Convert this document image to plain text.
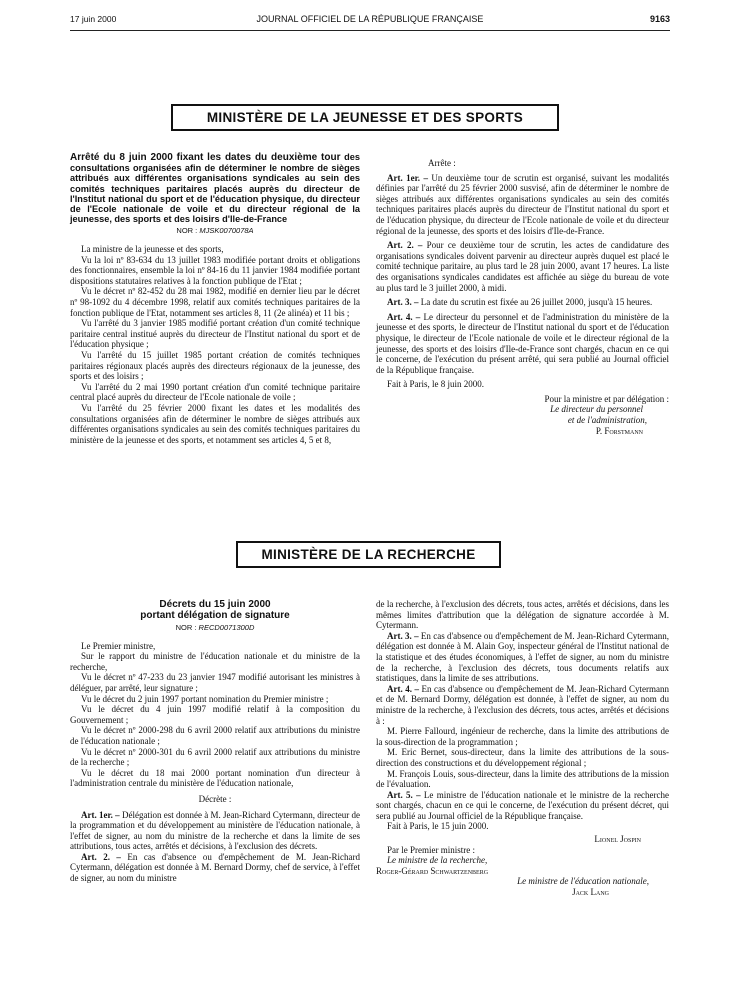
17 juin 2000	JOURNAL OFFICIEL DE LA RÉPUBLIQUE FRANÇAISE	9163
MINISTÈRE DE LA JEUNESSE ET DES SPORTS
Arrêté du 8 juin 2000 fixant les dates du deuxième tour des consultations organisées afin de déterminer le nombre de sièges attribués aux différentes organisations syndicales au sein des comités techniques paritaires placés auprès du directeur de l'Institut national du sport et de l'éducation physique, du directeur de l'Ecole nationale de voile et du directeur régional de la jeunesse, des sports et des loisirs d'Ile-de-France
NOR : MJSK0070078A

La ministre de la jeunesse et des sports,

Vu la loi nº 83-634 du 13 juillet 1983 modifiée portant droits et obligations des fonctionnaires, ensemble la loi nº 84-16 du 11 janvier 1984 modifiée portant dispositions statutaires relatives à la fonction publique de l'Etat ;

Vu le décret nº 82-452 du 28 mai 1982, modifié en dernier lieu par le décret nº 98-1092 du 4 décembre 1998, relatif aux comités techniques paritaires de la fonction publique de l'Etat, notamment ses articles 8, 11 (2e alinéa) et 11 bis ;

Vu l'arrêté du 3 janvier 1985 modifié portant création d'un comité technique paritaire central institué auprès du directeur de l'Institut national du sport et de l'éducation physique ;

Vu l'arrêté du 15 juillet 1985 portant création de comités techniques paritaires régionaux placés auprès des directeurs régionaux de la jeunesse, des sports et des loisirs ;

Vu l'arrêté du 2 mai 1990 portant création d'un comité technique paritaire central placé auprès du directeur de l'Ecole nationale de voile ;

Vu l'arrêté du 25 février 2000 fixant les dates et les modalités des consultations organisées afin de déterminer le nombre de sièges attribués aux différentes organisations syndicales au sein des comités techniques paritaires du ministère de la jeunesse et des sports, et notamment ses articles 4, 5 et 8,

Arrête :

Art. 1er. – Un deuxième tour de scrutin est organisé, suivant les modalités définies par l'arrêté du 25 février 2000 susvisé, afin de déterminer le nombre de sièges attribués aux différentes organisations syndicales au sein des comités techniques paritaires placés auprès du directeur de l'Institut national du sport et de l'éducation physique, du directeur de l'Ecole nationale de voile et du directeur régional de la jeunesse, des sports et des loisirs d'Ile-de-France.

Art. 2. – Pour ce deuxième tour de scrutin, les actes de candidature des organisations syndicales doivent parvenir au directeur auprès duquel est placé le comité technique paritaire, au plus tard le 28 juin 2000, avant 17 heures. La liste des organisations syndicales candidates est affichée au siège du bureau de vote au plus tard le 3 juillet 2000, à midi.

Art. 3. – La date du scrutin est fixée au 26 juillet 2000, jusqu'à 15 heures.

Art. 4. – Le directeur du personnel et de l'administration du ministère de la jeunesse et des sports, le directeur de l'Institut national du sport et de l'éducation physique, le directeur de l'Ecole nationale de voile et le directeur régional de la jeunesse, des sports et des loisirs d'Ile-de-France sont chargés, chacun en ce qui le concerne, de l'exécution du présent arrêté, qui sera publié au Journal officiel de la République française.

Fait à Paris, le 8 juin 2000.

Pour la ministre et par délégation :

Le directeur du personnel

et de l'administration,

P. Forstmann

MINISTÈRE DE LA RECHERCHE
Décrets du 15 juin 2000
portant délégation de signature
NOR : RECD0071300D

Le Premier ministre,

Sur le rapport du ministre de l'éducation nationale et du ministre de la recherche,

Vu le décret nº 47-233 du 23 janvier 1947 modifié autorisant les ministres à déléguer, par arrêté, leur signature ;

Vu le décret du 2 juin 1997 portant nomination du Premier ministre ;

Vu le décret du 4 juin 1997 modifié relatif à la composition du Gouvernement ;

Vu le décret nº 2000-298 du 6 avril 2000 relatif aux attributions du ministre de l'éducation nationale ;

Vu le décret nº 2000-301 du 6 avril 2000 relatif aux attributions du ministre de la recherche ;

Vu le décret du 18 mai 2000 portant nomination d'un directeur à l'administration centrale du ministère de l'éducation nationale,

Décrète :

Art. 1er. – Délégation est donnée à M. Jean-Richard Cytermann, directeur de la programmation et du développement au ministère de l'éducation nationale, à l'effet de signer, au nom du ministre de la recherche et dans la limite de ses attributions, tous actes, arrêtés et décisions, à l'exclusion des décrets.

Art. 2. – En cas d'absence ou d'empêchement de M. Jean-Richard Cytermann, délégation est donnée à M. Bernard Dormy, chef de service, à l'effet de signer, au nom du ministre

de la recherche, à l'exclusion des décrets, tous actes, arrêtés et décisions, dans les mêmes limites d'attribution que la délégation de signature accordée à M. Cytermann.

Art. 3. – En cas d'absence ou d'empêchement de M. Jean-Richard Cytermann, délégation est donnée à M. Alain Goy, inspecteur général de l'Institut national de la statistique et des études économiques, à l'effet de signer, au nom du ministre de la recherche, à l'exclusion des décrets, tous documents relatifs aux statistiques, dans la limite de ses attributions.

Art. 4. – En cas d'absence ou d'empêchement de M. Jean-Richard Cytermann et de M. Bernard Dormy, délégation est donnée, à l'effet de signer, au nom du ministre de la recherche, à l'exclusion des décrets, tous actes, arrêtés et décisions à :

M. Pierre Fallourd, ingénieur de recherche, dans la limite des attributions de la sous-direction de la programmation ;

M. Eric Bernet, sous-directeur, dans la limite des attributions de la sous-direction des constructions et du développement régional ;

M. François Louis, sous-directeur, dans la limite des attributions de la mission de l'évaluation.

Art. 5. – Le ministre de l'éducation nationale et le ministre de la recherche sont chargés, chacun en ce qui le concerne, de l'exécution du présent décret, qui sera publié au Journal officiel de la République française.

Fait à Paris, le 15 juin 2000.

Lionel Jospin

Par le Premier ministre :

Le ministre de la recherche,

Roger-Gérard Schwartzenberg

Le ministre de l'éducation nationale,

Jack Lang
